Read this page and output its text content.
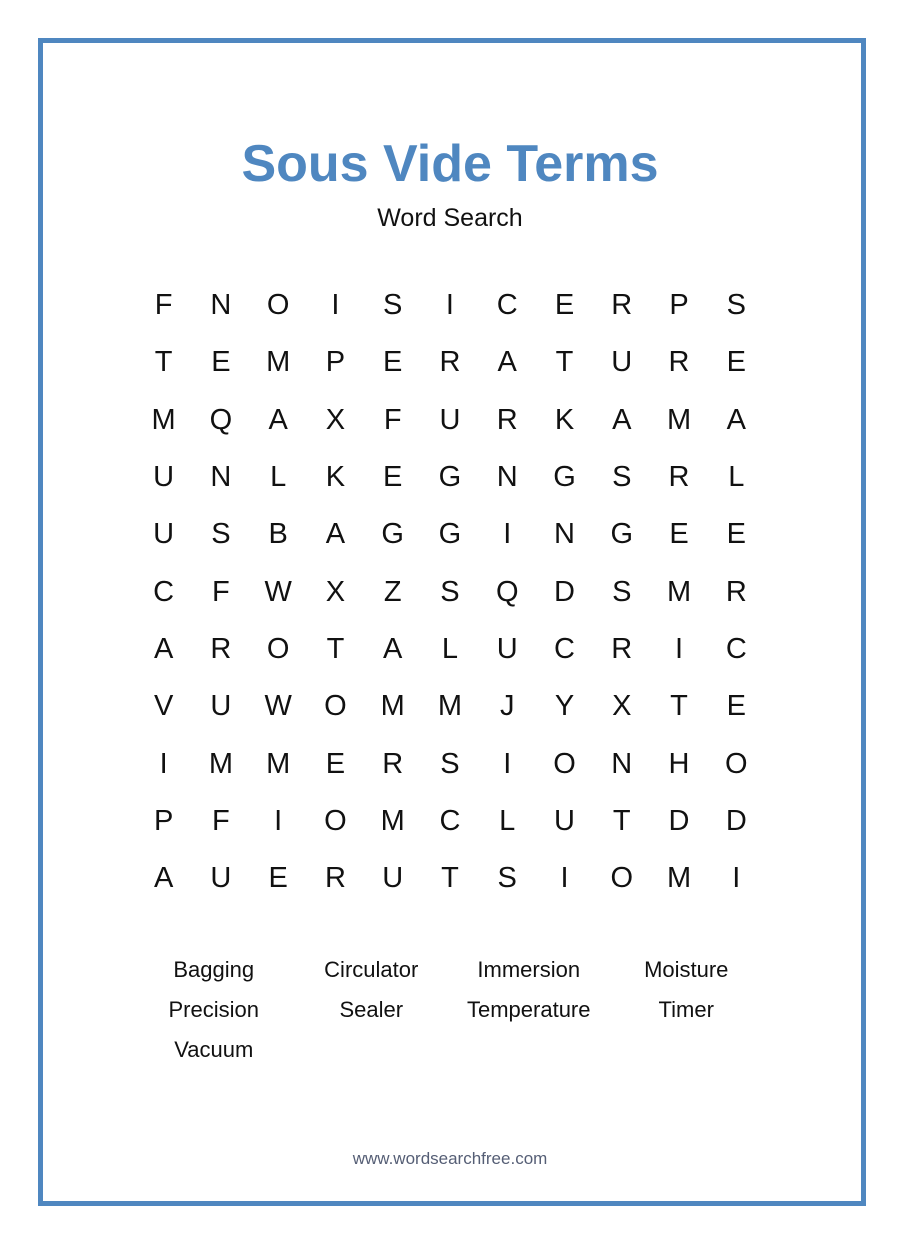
Sous Vide Terms
Word Search
F	N	O	I	S	I	C	E	R	P	S
T	E	M	P	E	R	A	T	U	R	E
M	Q	A	X	F	U	R	K	A	M	A
U	N	L	K	E	G	N	G	S	R	L
U	S	B	A	G	G	I	N	G	E	E
C	F	W	X	Z	S	Q	D	S	M	R
A	R	O	T	A	L	U	C	R	I	C
V	U	W	O	M	M	J	Y	X	T	E
I	M	M	E	R	S	I	O	N	H	O
P	F	I	O	M	C	L	U	T	D	D
A	U	E	R	U	T	S	I	O	M	I
Bagging	Circulator	Immersion	Moisture
Precision	Sealer	Temperature	Timer
Vacuum
www.wordsearchfree.com
